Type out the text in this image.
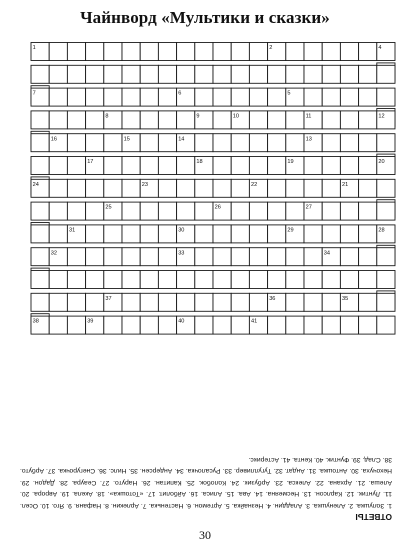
Чайнворд «Мультики и сказки»
1	2	4
7	6	5
8	9	10	11	12
16	15	14	13
17	18	19	20
24	23	22	21
25	26	27
31	30	29	28
32	33	34
37	36	35
38	39	40	41
ОТВЕТЫ
1. Золушка. 2. Аленушка. 3. Аладдин. 4. Незнайка. 5. Артемон. 6. Настенька. 7. Арлекин. 8. Нафаня. 9. Яго. 10. Осел. 11. Лунтик. 12. Карлсон. 13. Несмеяна. 14. Ава. 15. Алиса. 16. Айболит. 17. «Тотошка». 18. Акела. 19. Аврора. 20. Алеша. 21. Архана. 22. Алекса. 23. Арбузик. 24. Колобок. 25. Капитан. 26. Наруто. 27. Сеаура. 28. Дадон. 29. Нехочуха. 30. Антошка. 31. Андат. 32. Тугулливер. 33. Русалочка. 34. Андерсен. 35. Нилс. 36. Снегурочка. 37. Арбуто. 38. Слад. 39. Фунтик. 40. Кента. 41. Астерикс.
30
